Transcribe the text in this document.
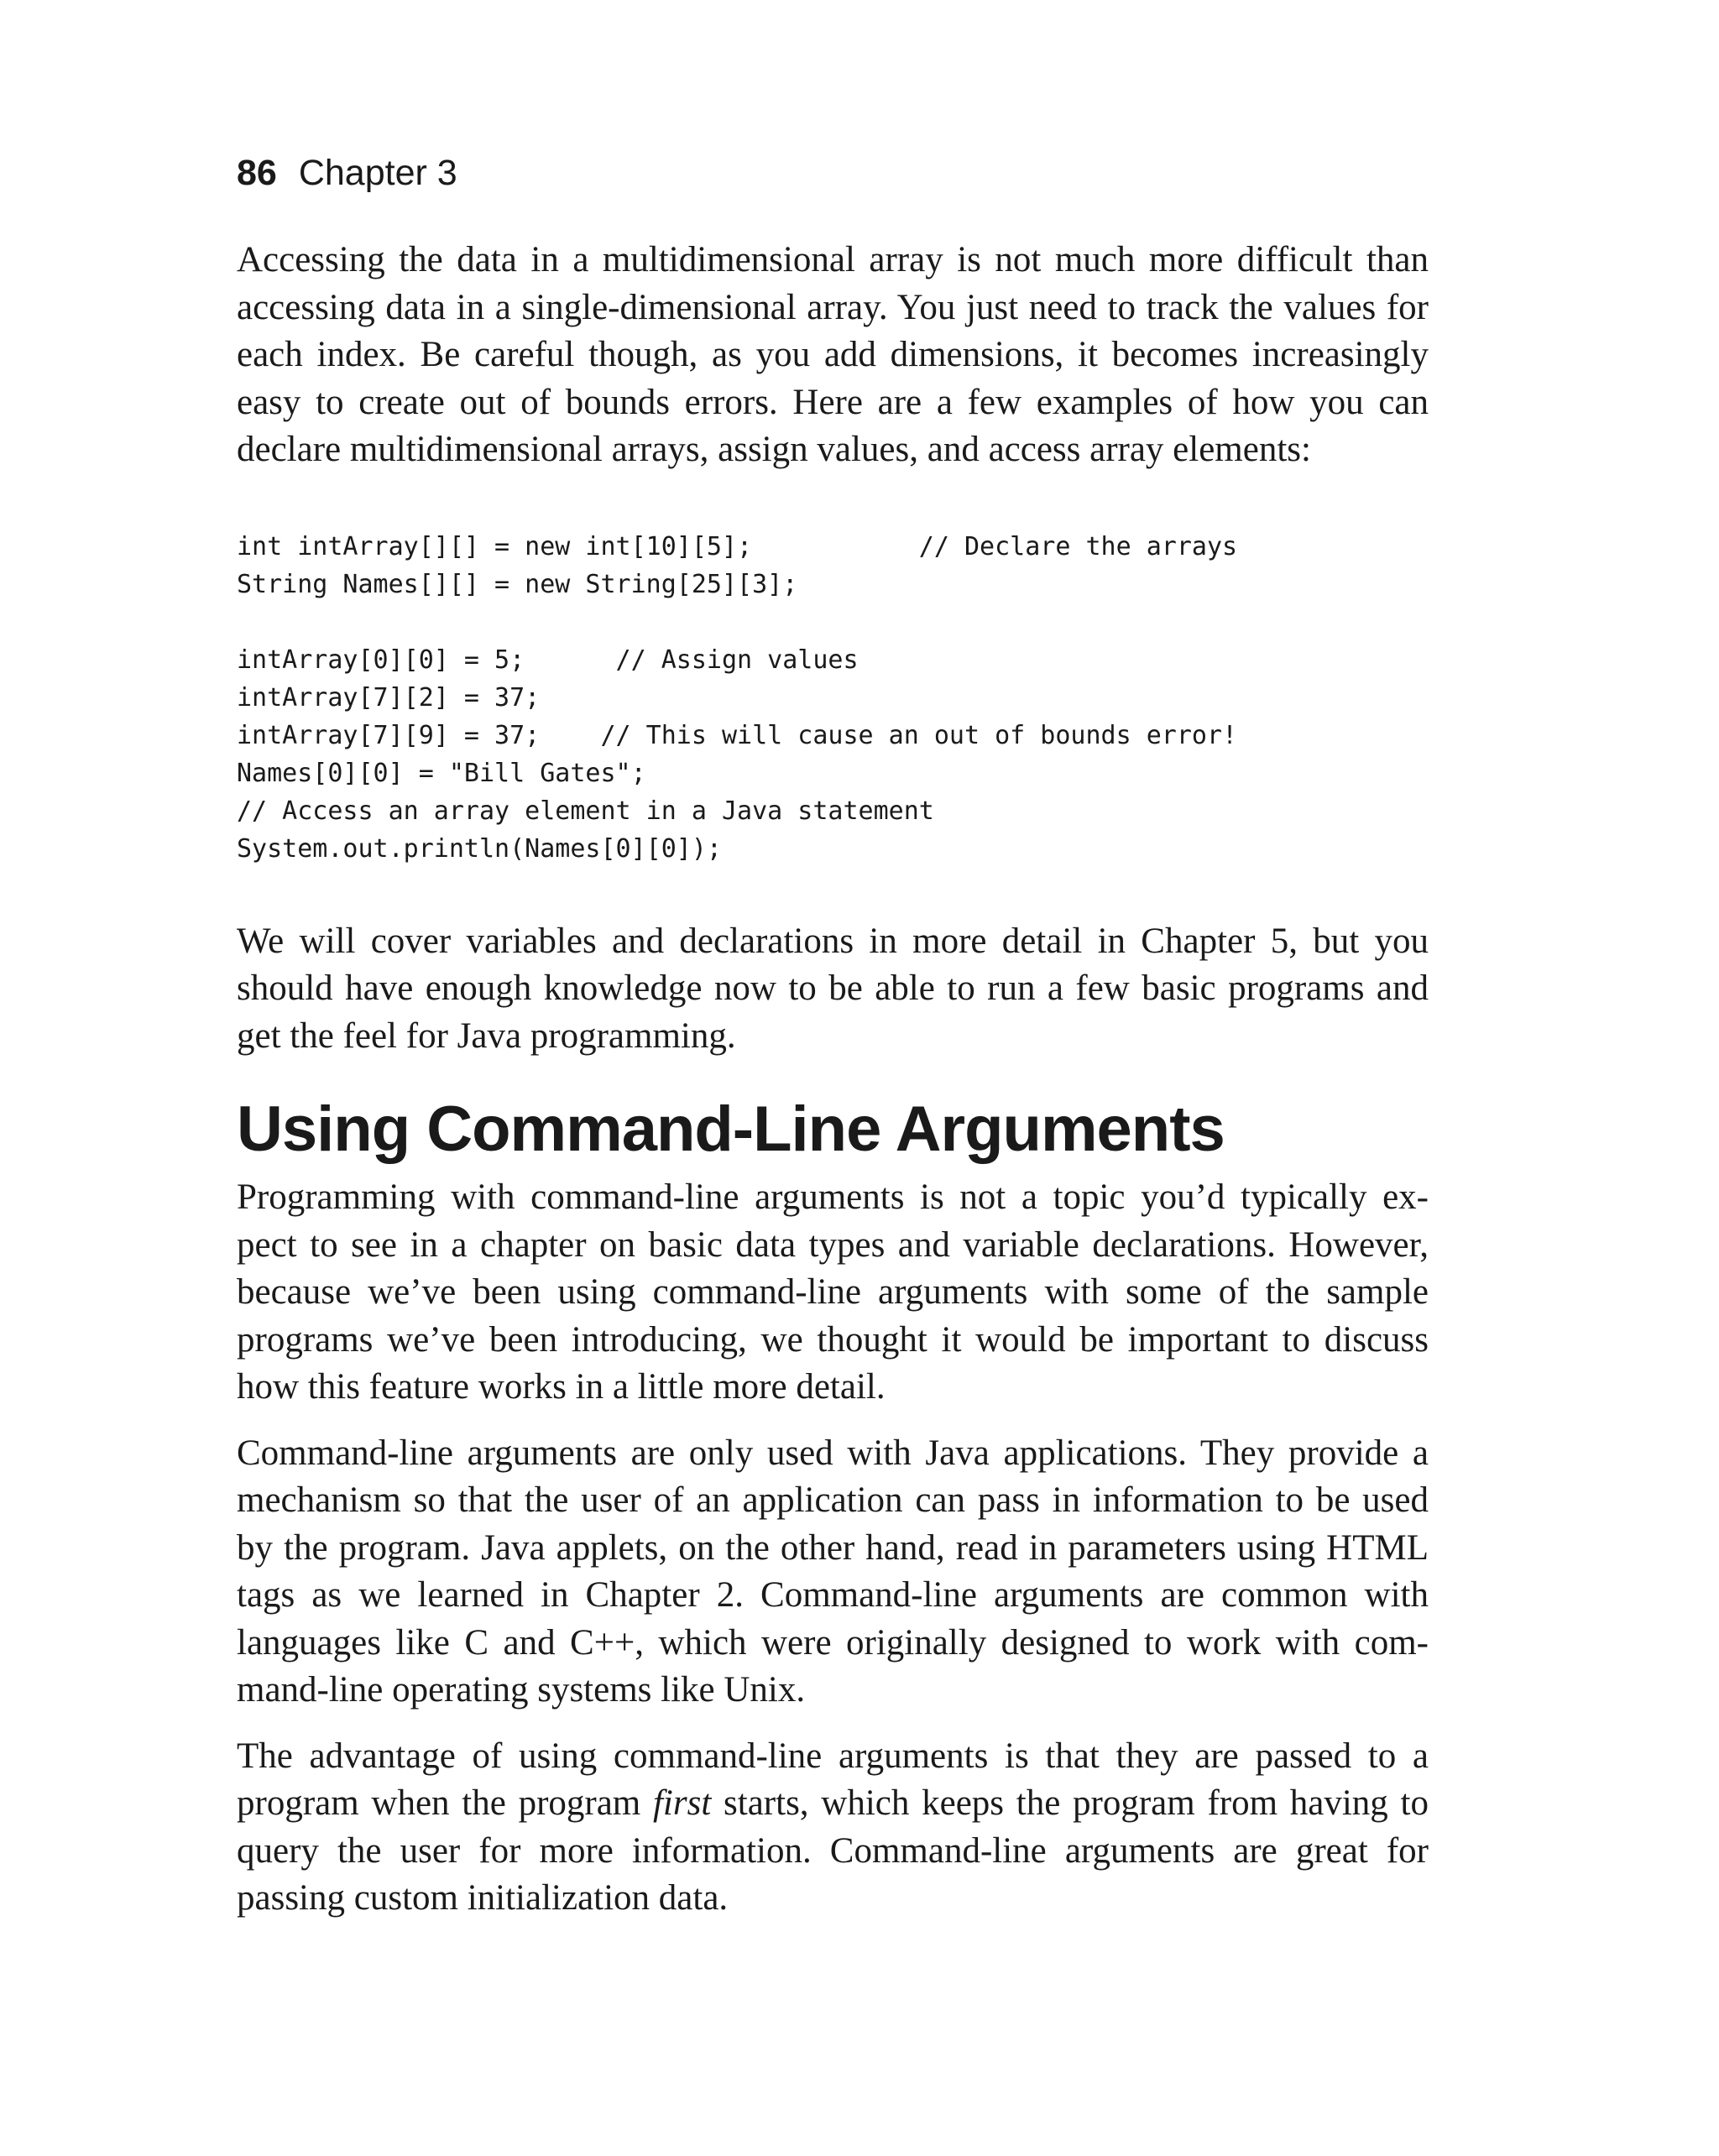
86 Chapter 3

Accessing the data in a multidimensional array is not much more difficult than
accessing data in a single-dimensional array. You just need to track the values for
each index. Be careful though, as you add dimensions, it becomes increasingly
easy to create out of bounds errors. Here are a few examples of how you can
declare multidimensional arrays, assign values, and access array elements:

int intArray[][] = new int[10][5];           // Declare the arrays
String Names[][] = new String[25][3];
intArray[0][0] = 5;      // Assign values
intArray[7][2] = 37;
intArray[7][9] = 37;    // This will cause an out of bounds error!
Names[0][0] = "Bill Gates";
// Access an array element in a Java statement
System.out.println(Names[0][0]);

We will cover variables and declarations in more detail in Chapter 5, but you
should have enough knowledge now to be able to run a few basic programs and
get the feel for Java programming.

Using Command-Line Arguments

Programming with command-line arguments is not a topic you’d typically ex-
pect to see in a chapter on basic data types and variable declarations. However,
because we’ve been using command-line arguments with some of the sample
programs we’ve been introducing, we thought it would be important to discuss
how this feature works in a little more detail.

Command-line arguments are only used with Java applications. They provide a
mechanism so that the user of an application can pass in information to be used
by the program. Java applets, on the other hand, read in parameters using HTML
tags as we learned in Chapter 2. Command-line arguments are common with
languages like C and C++, which were originally designed to work with com-
mand-line operating systems like Unix.

The advantage of using command-line arguments is that they are passed to a
program when the program first starts, which keeps the program from having to
query the user for more information. Command-line arguments are great for
passing custom initialization data.
